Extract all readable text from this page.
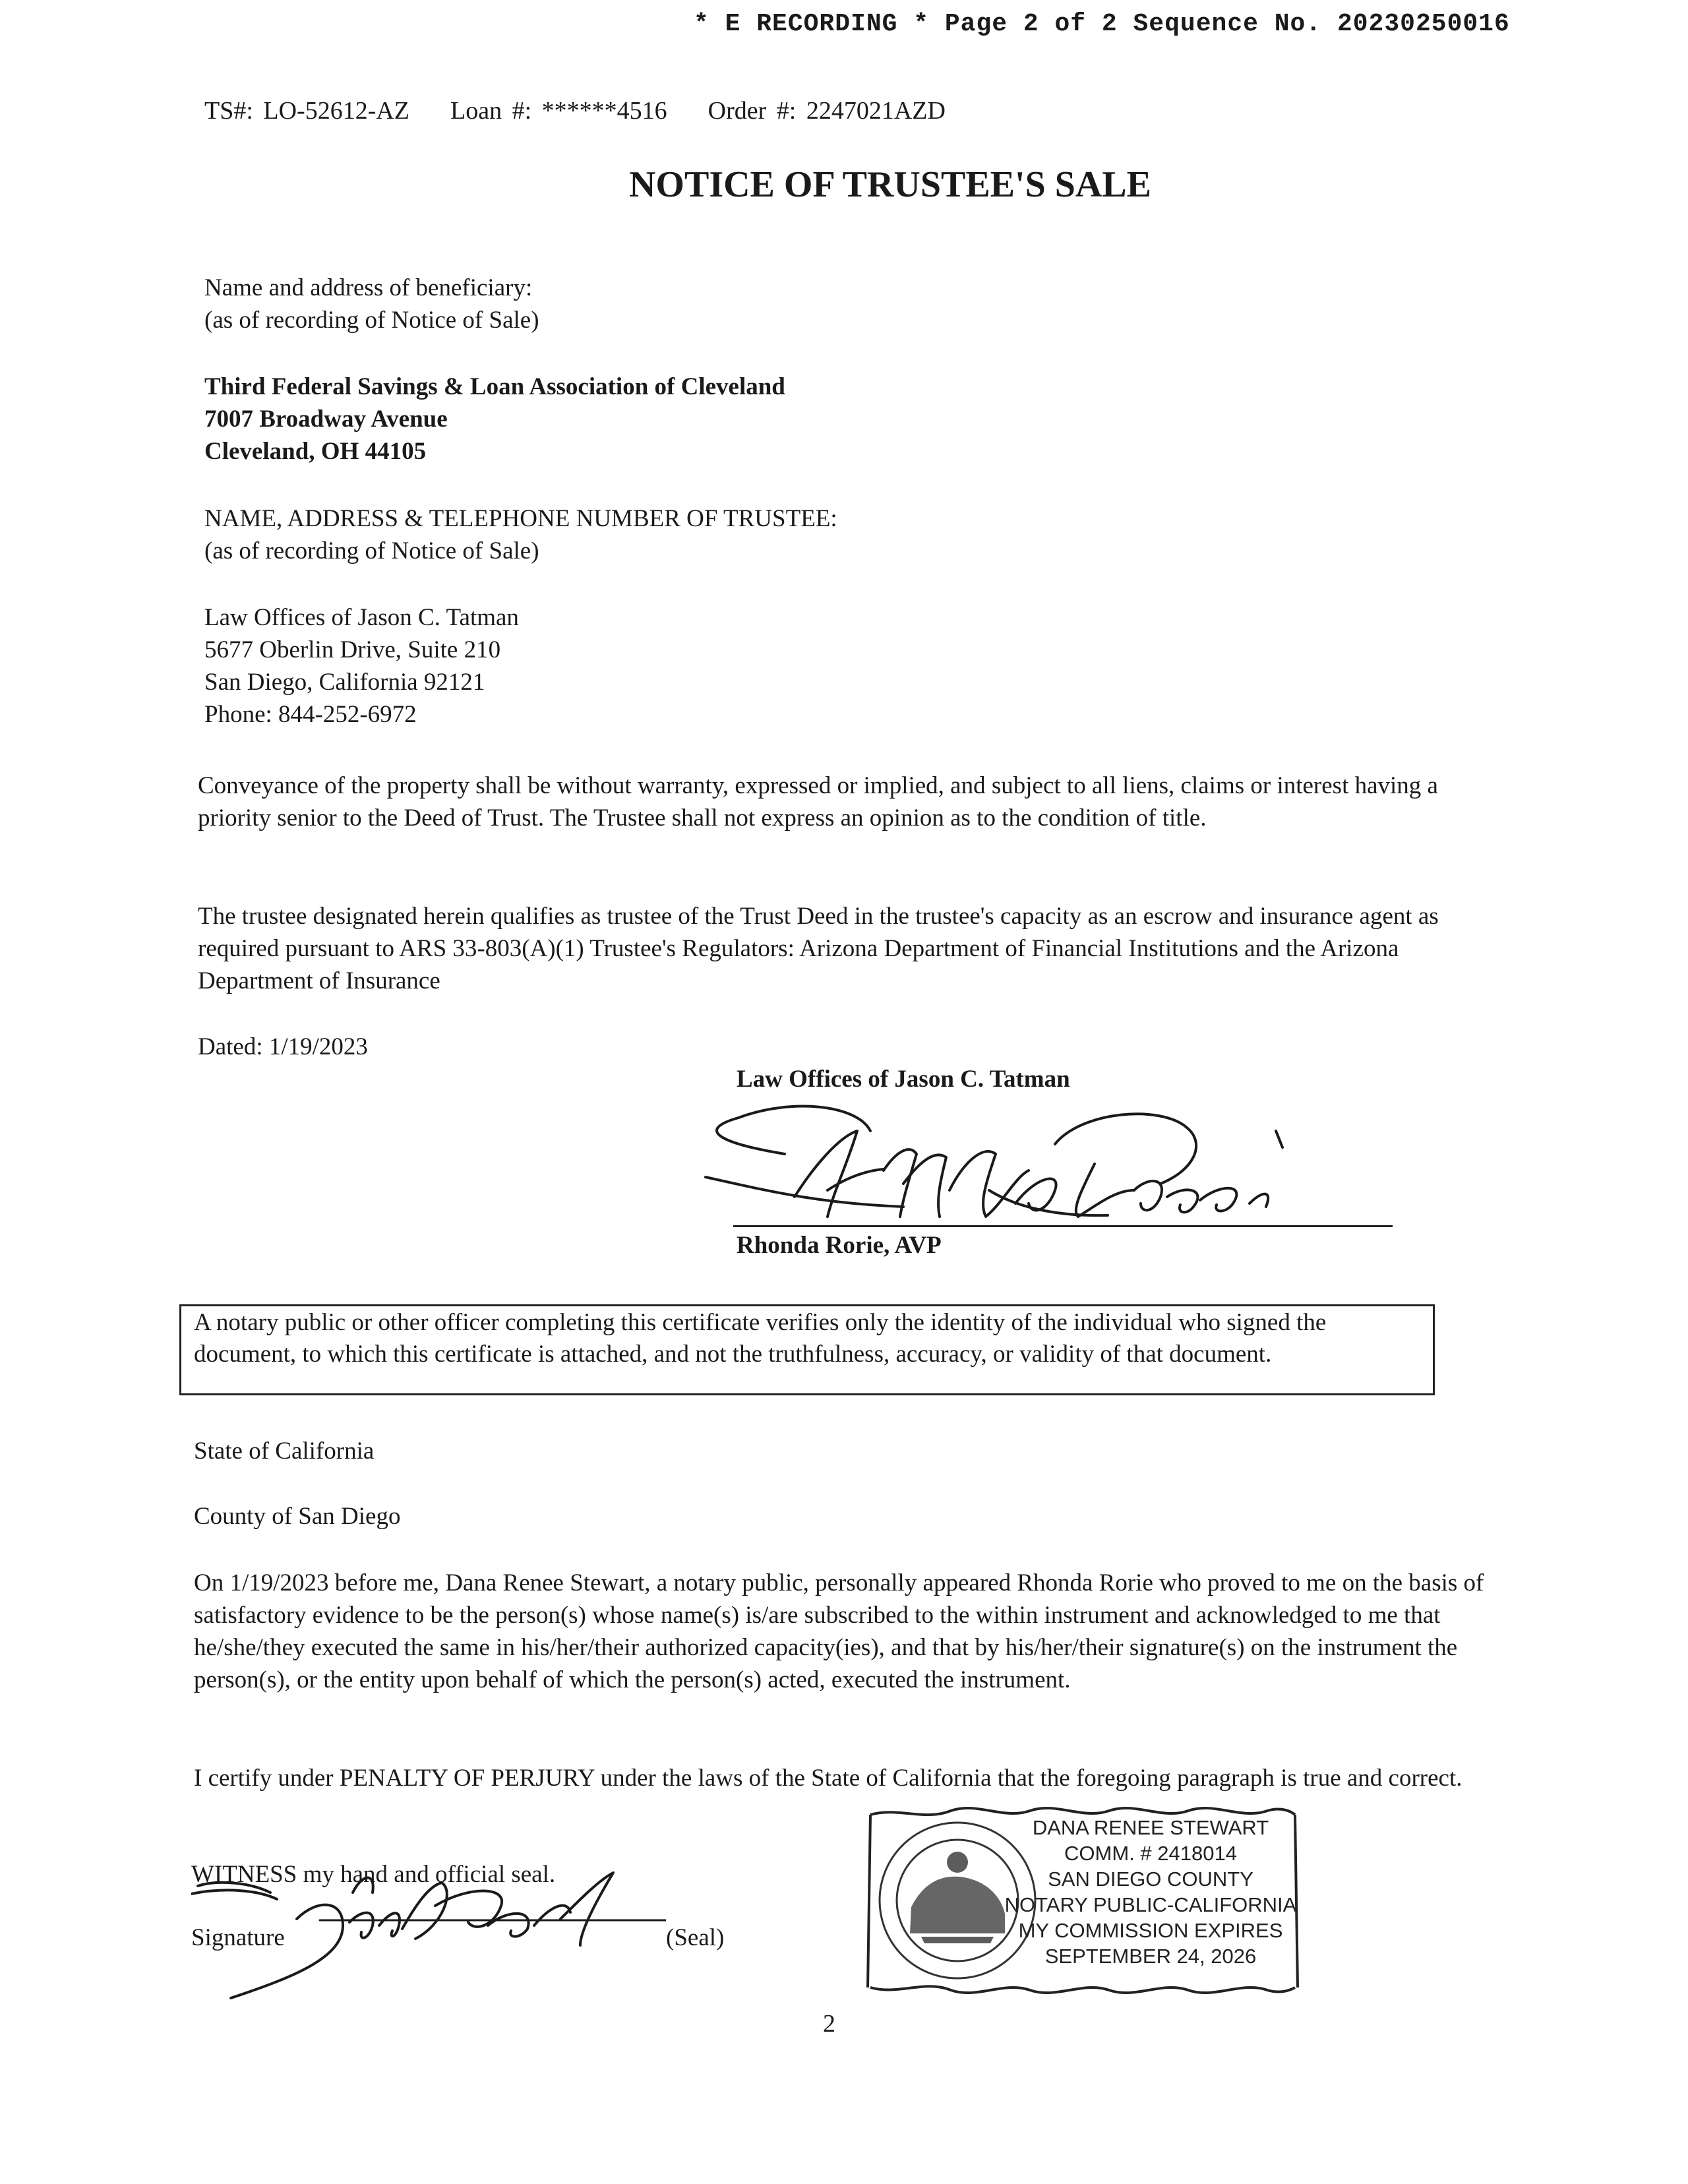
* E RECORDING * Page 2 of 2 Sequence No. 20230250016
TS#: LO-52612-AZ Loan #: ******4516 Order #: 2247021AZD
NOTICE OF TRUSTEE'S SALE
Name and address of beneficiary:
(as of recording of Notice of Sale)
Third Federal Savings & Loan Association of Cleveland
7007 Broadway Avenue
Cleveland, OH 44105
NAME, ADDRESS & TELEPHONE NUMBER OF TRUSTEE:
(as of recording of Notice of Sale)
Law Offices of Jason C. Tatman
5677 Oberlin Drive, Suite 210
San Diego, California 92121
Phone: 844-252-6972
Conveyance of the property shall be without warranty, expressed or implied, and subject to all liens, claims or interest having a priority senior to the Deed of Trust. The Trustee shall not express an opinion as to the condition of title.
The trustee designated herein qualifies as trustee of the Trust Deed in the trustee's capacity as an escrow and insurance agent as required pursuant to ARS 33-803(A)(1) Trustee's Regulators: Arizona Department of Financial Institutions and the Arizona Department of Insurance
Dated: 1/19/2023
Law Offices of Jason C. Tatman
Rhonda Rorie, AVP
A notary public or other officer completing this certificate verifies only the identity of the individual who signed the document, to which this certificate is attached, and not the truthfulness, accuracy, or validity of that document.
State of California
County of San Diego
On 1/19/2023 before me, Dana Renee Stewart, a notary public, personally appeared Rhonda Rorie who proved to me on the basis of satisfactory evidence to be the person(s) whose name(s) is/are subscribed to the within instrument and acknowledged to me that he/she/they executed the same in his/her/their authorized capacity(ies), and that by his/her/their signature(s) on the instrument the person(s), or the entity upon behalf of which the person(s) acted, executed the instrument.
I certify under PENALTY OF PERJURY under the laws of the State of California that the foregoing paragraph is true and correct.
WITNESS my hand and official seal.
Signature	(Seal)
DANA RENEE STEWART
COMM. # 2418014
SAN DIEGO COUNTY
NOTARY PUBLIC-CALIFORNIA
MY COMMISSION EXPIRES
SEPTEMBER 24, 2026
2
